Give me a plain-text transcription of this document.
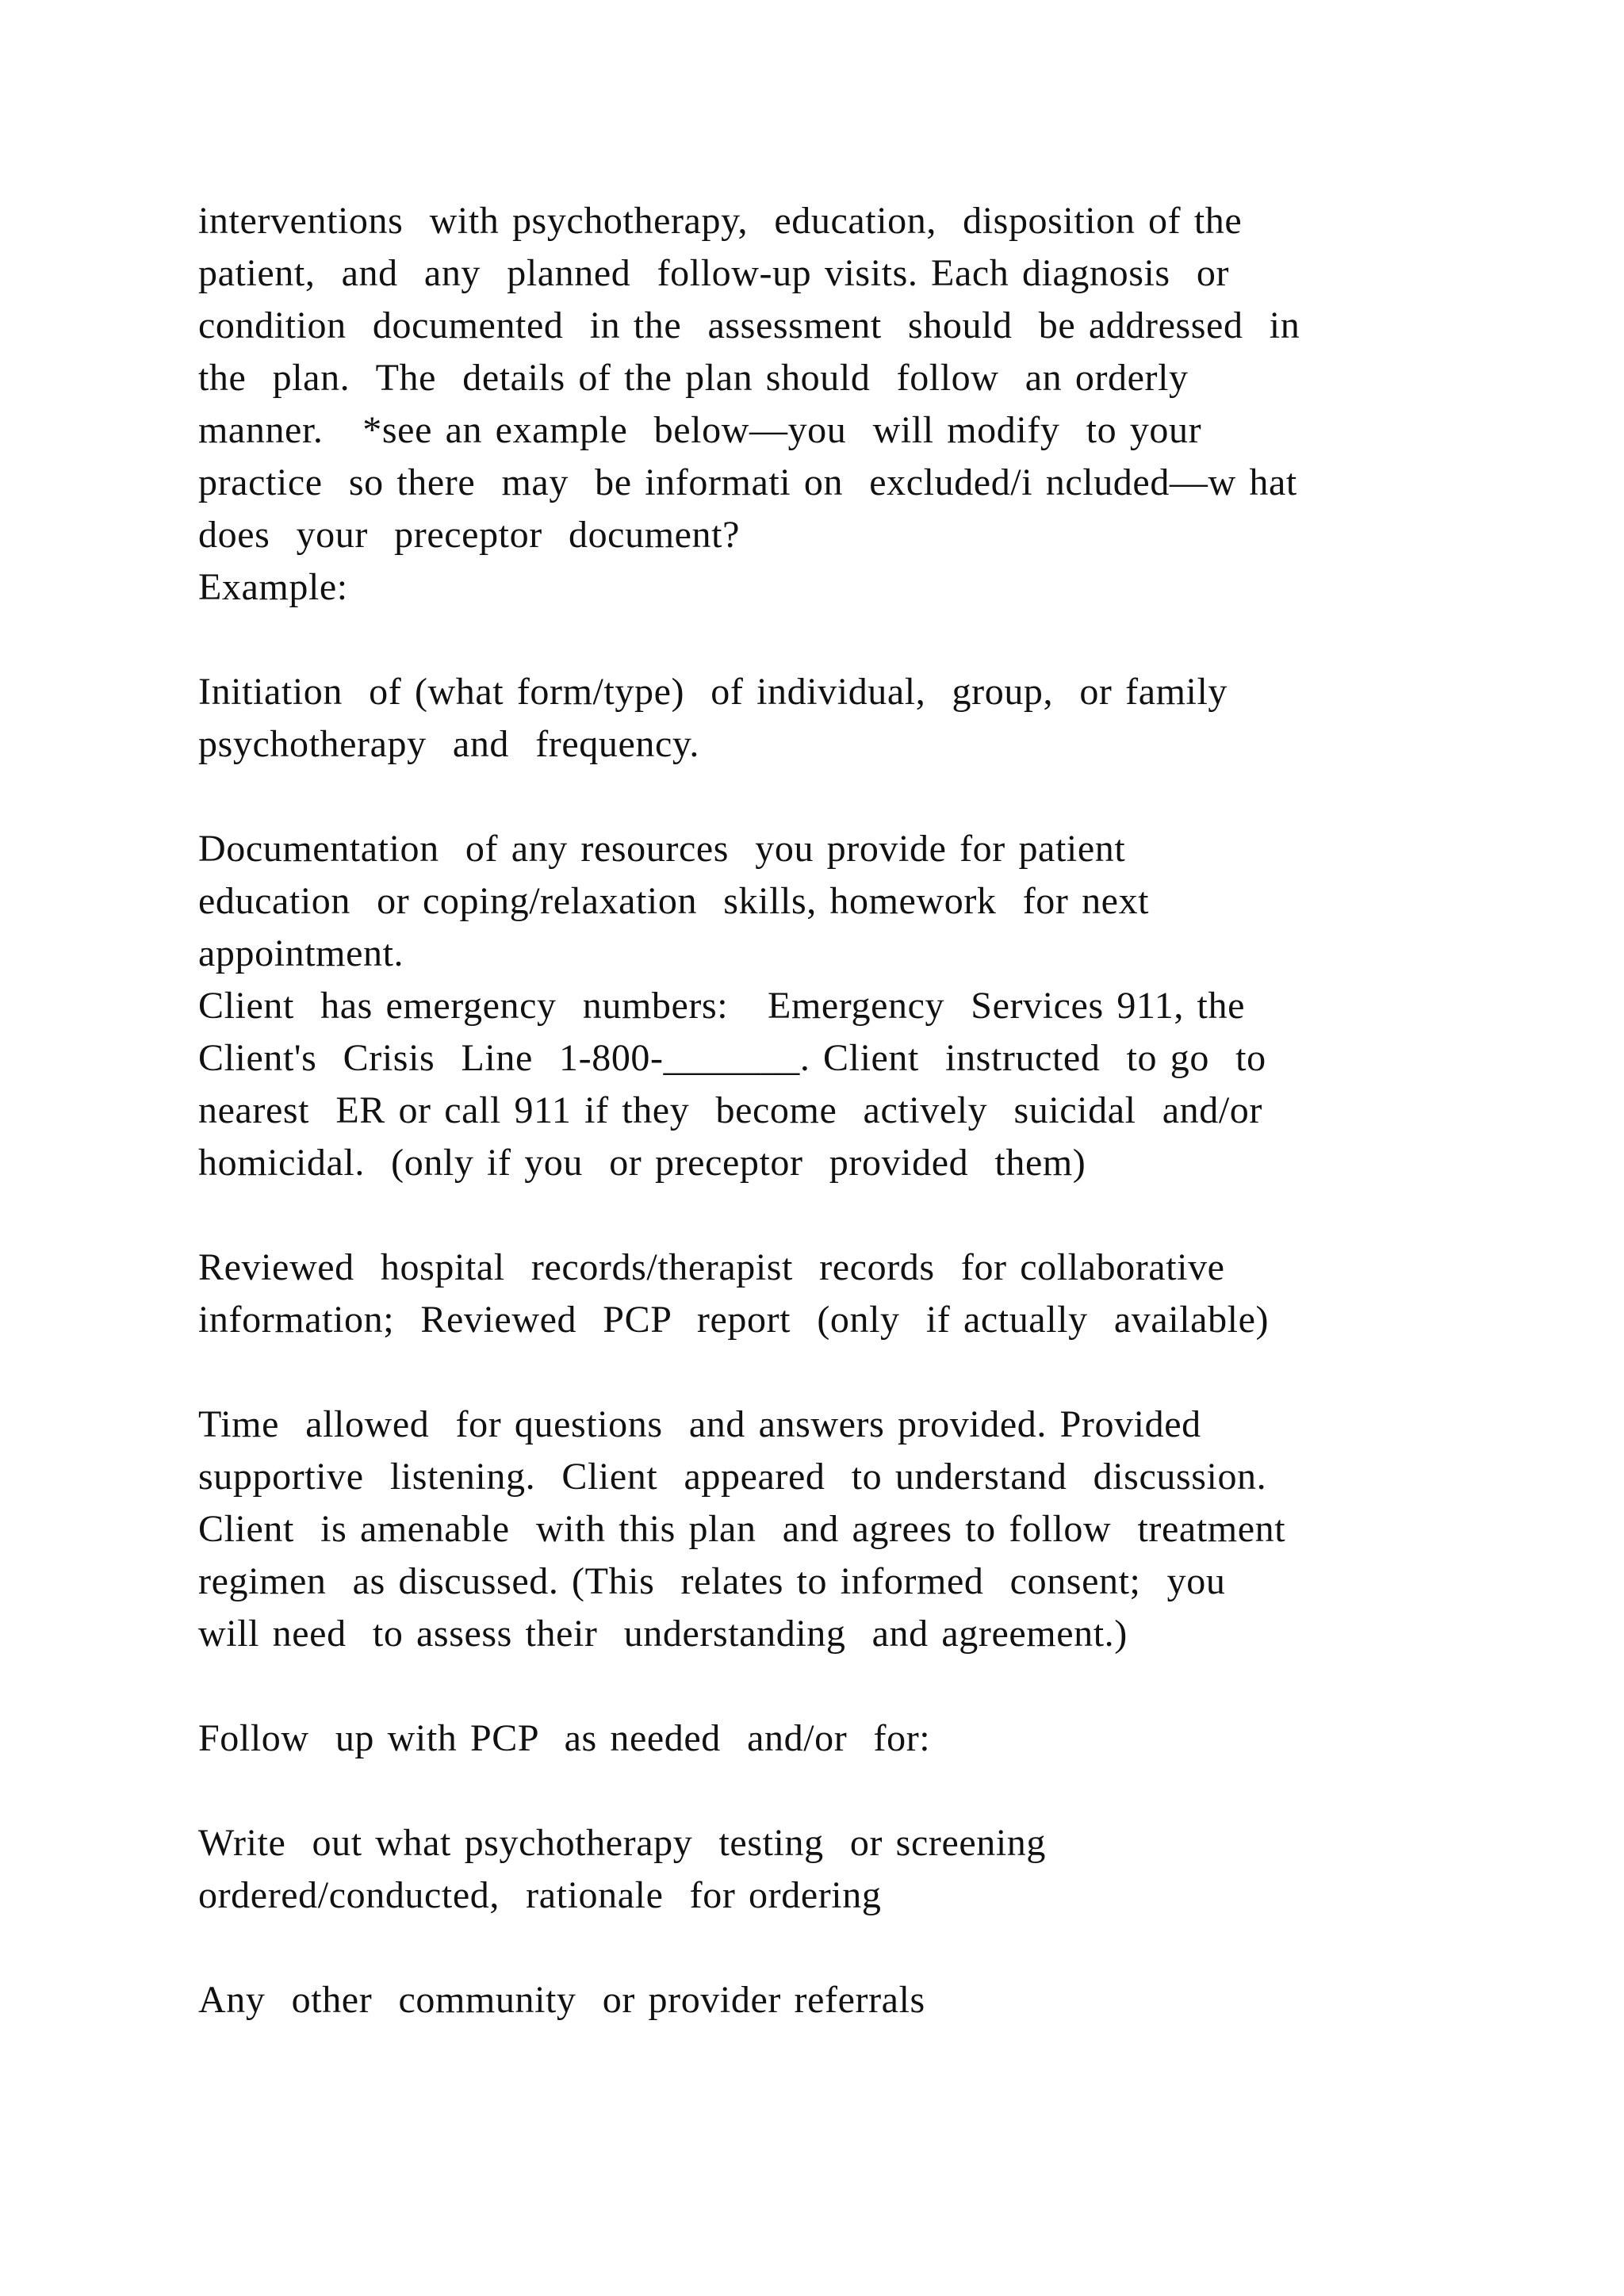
interventions  with psychotherapy,  education,  disposition of the
patient,  and  any  planned  follow-up visits. Each diagnosis  or
condition  documented  in the  assessment  should  be addressed  in
the  plan.  The  details of the plan should  follow  an orderly
manner.   *see an example  below—you  will modify  to your
practice  so there  may  be informati on  excluded/i ncluded—w hat
does  your  preceptor  document?
Example:
Initiation  of (what form/type)  of individual,  group,  or family
psychotherapy  and  frequency.
Documentation  of any resources  you provide for patient
education  or coping/relaxation  skills, homework  for next
appointment.
Client  has emergency  numbers:   Emergency  Services 911, the
Client's  Crisis  Line  1-800-_______. Client  instructed  to go  to
nearest  ER or call 911 if they  become  actively  suicidal  and/or
homicidal.  (only if you  or preceptor  provided  them)
Reviewed  hospital  records/therapist  records  for collaborative
information;  Reviewed  PCP  report  (only  if actually  available)
Time  allowed  for questions  and answers provided. Provided
supportive  listening.  Client  appeared  to understand  discussion.
Client  is amenable  with this plan  and agrees to follow  treatment
regimen  as discussed. (This  relates to informed  consent;  you
will need  to assess their  understanding  and agreement.)
Follow  up with PCP  as needed  and/or  for:
Write  out what psychotherapy  testing  or screening
ordered/conducted,  rationale  for ordering
Any  other  community  or provider referrals
